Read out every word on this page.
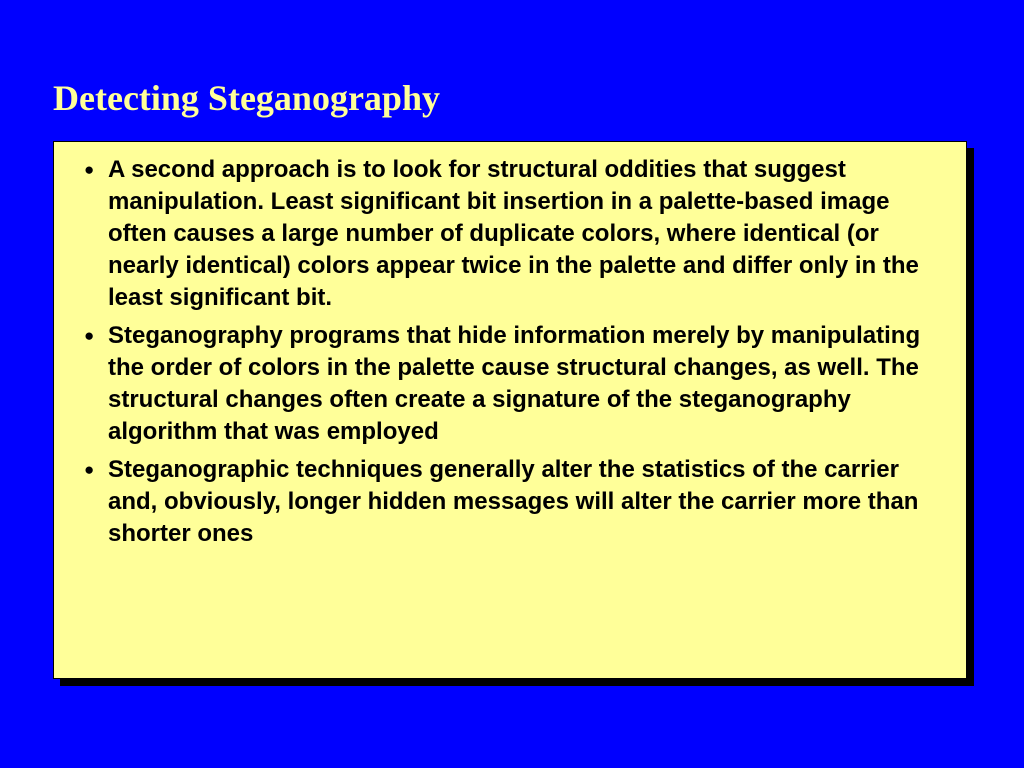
Detecting Steganography
● A second approach is to look for structural oddities that suggest manipulation. Least significant bit insertion in a palette-based image often causes a large number of duplicate colors, where identical (or nearly identical) colors appear twice in the palette and differ only in the least significant bit.
● Steganography programs that hide information merely by manipulating the order of colors in the palette cause structural changes, as well. The structural changes often create a signature of the steganography algorithm that was employed
● Steganographic techniques generally alter the statistics of the carrier and, obviously, longer hidden messages will alter the carrier more than shorter ones
